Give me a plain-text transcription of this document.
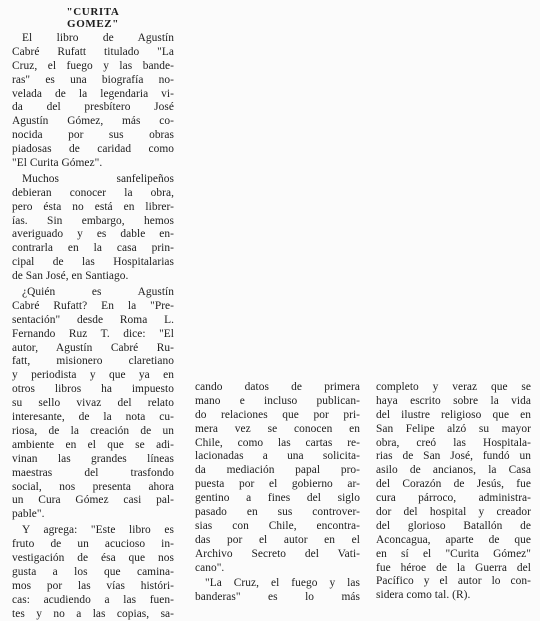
"CURITA
GOMEZ"
El libro de Agustín
Cabré Rufatt titulado "La
Cruz, el fuego y las bande-
ras" es una biografía no-
velada de la legendaria vi-
da del presbítero José
Agustín Gómez, más co-
nocida por sus obras
piadosas de caridad como
"El Curita Gómez".
Muchos sanfelipeños
debieran conocer la obra,
pero ésta no está en librer-
ías. Sin embargo, hemos
averiguado y es dable en-
contrarla en la casa prin-
cipal de las Hospitalarias
de San José, en Santiago.
¿Quién es Agustín
Cabré Rufatt? En la "Pre-
sentación" desde Roma L.
Fernando Ruz T. dice: "El
autor, Agustín Cabré Ru-
fatt, misionero claretiano
y periodista y que ya en
otros libros ha impuesto
su sello vivaz del relato
interesante, de la nota cu-
riosa, de la creación de un
ambiente en el que se adi-
vinan las grandes líneas
maestras del trasfondo
social, nos presenta ahora
un Cura Gómez casi pal-
pable".
Y agrega: "Este libro es
fruto de un acucioso in-
vestigación de ésa que nos
gusta a los que camina-
mos por las vías históri-
cas: acudiendo a las fuen-
tes y no a las copias, sa-
cando datos de primera
mano e incluso publican-
do relaciones que por pri-
mera vez se conocen en
Chile, como las cartas re-
lacionadas a una solicita-
da mediación papal pro-
puesta por el gobierno ar-
gentino a fines del siglo
pasado en sus controver-
sias con Chile, encontra-
das por el autor en el
Archivo Secreto del Vati-
cano".
"La Cruz, el fuego y las
banderas" es lo más
completo y veraz que se
haya escrito sobre la vida
del ilustre religioso que en
San Felipe alzó su mayor
obra, creó las Hospitala-
rias de San José, fundó un
asilo de ancianos, la Casa
del Corazón de Jesús, fue
cura párroco, administra-
dor del hospital y creador
del glorioso Batallón de
Aconcagua, aparte de que
en sí el "Curita Gómez"
fue héroe de la Guerra del
Pacífico y el autor lo con-
sidera como tal. (R).
